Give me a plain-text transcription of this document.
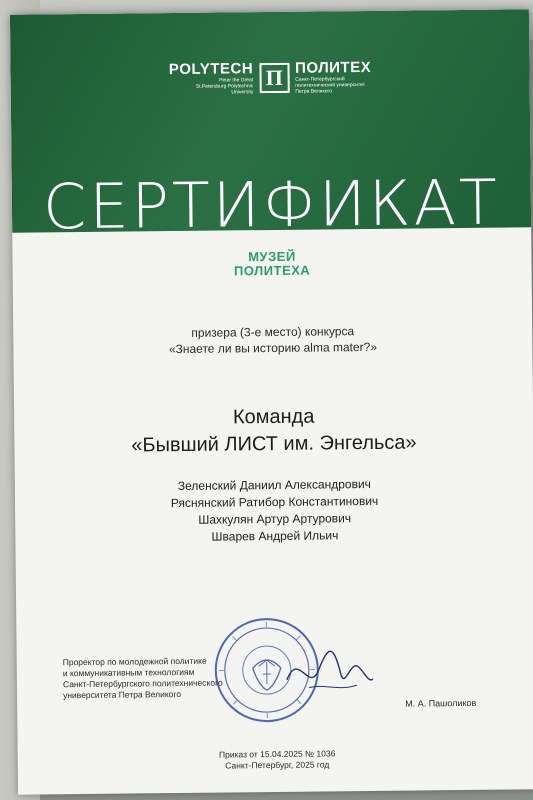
POLYTECH
Peter the Great
St.Petersburg Polytechnic
University
П ПОЛИТЕХ
Санкт-Петербургский
политехнический университет
Петра Великого
СЕРТИФИКАТ
МУЗЕЙ
ПОЛИТЕХА
призера (3-е место) конкурса
«Знаете ли вы историю alma mater?»
Команда
«Бывший ЛИСТ им. Энгельса»
Зеленский Даниил Александрович
Ряснянский Ратибор Константинович
Шахкулян Артур Артурович
Шварев Андрей Ильич
Проректор по молодежной политике
и коммуникативным технологиям
Санкт-Петербургского политехнического
университета Петра Великого
М. А. Пашоликов
Приказ от 15.04.2025 № 1036
Санкт-Петербург, 2025 год
